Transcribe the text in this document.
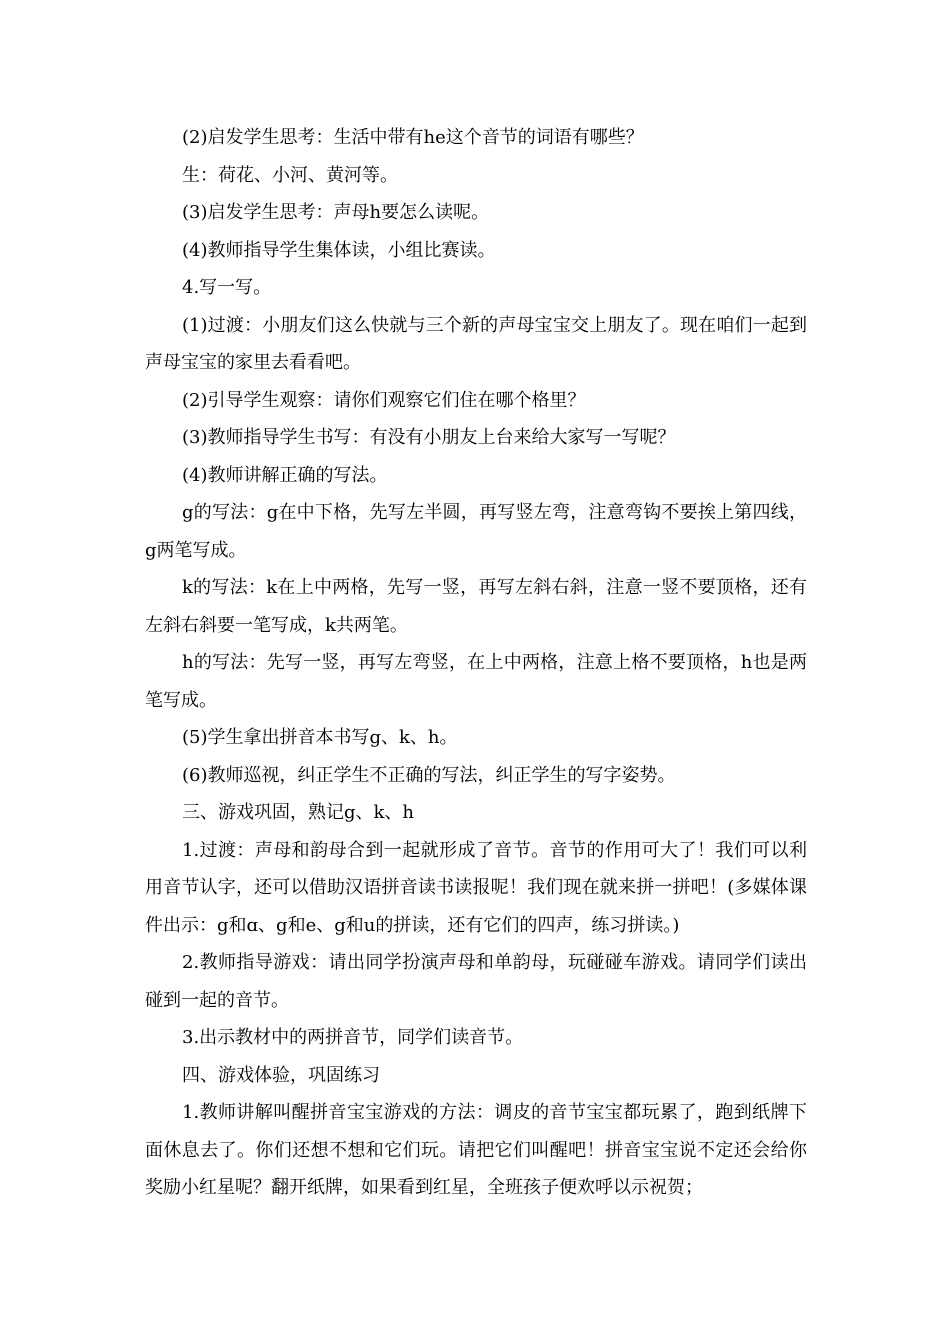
(2)启发学生思考：生活中带有he这个音节的词语有哪些？

生：荷花、小河、黄河等。

(3)启发学生思考：声母h要怎么读呢。

(4)教师指导学生集体读，小组比赛读。

4.写一写。

(1)过渡：小朋友们这么快就与三个新的声母宝宝交上朋友了。现在咱们一起到声母宝宝的家里去看看吧。

(2)引导学生观察：请你们观察它们住在哪个格里？

(3)教师指导学生书写：有没有小朋友上台来给大家写一写呢？

(4)教师讲解正确的写法。

g的写法：g在中下格，先写左半圆，再写竖左弯，注意弯钩不要挨上第四线，g两笔写成。

k的写法：k在上中两格，先写一竖，再写左斜右斜，注意一竖不要顶格，还有左斜右斜要一笔写成，k共两笔。

h的写法：先写一竖，再写左弯竖，在上中两格，注意上格不要顶格，h也是两笔写成。

(5)学生拿出拼音本书写g、k、h。

(6)教师巡视，纠正学生不正确的写法，纠正学生的写字姿势。

三、游戏巩固，熟记g、k、h

1.过渡：声母和韵母合到一起就形成了音节。音节的作用可大了！我们可以利用音节认字，还可以借助汉语拼音读书读报呢！我们现在就来拼一拼吧！(多媒体课件出示：g和ɑ、g和e、g和u的拼读，还有它们的四声，练习拼读。)

2.教师指导游戏：请出同学扮演声母和单韵母，玩碰碰车游戏。请同学们读出碰到一起的音节。

3.出示教材中的两拼音节，同学们读音节。

四、游戏体验，巩固练习

1.教师讲解叫醒拼音宝宝游戏的方法：调皮的音节宝宝都玩累了，跑到纸牌下面休息去了。你们还想不想和它们玩。请把它们叫醒吧！拼音宝宝说不定还会给你奖励小红星呢？翻开纸牌，如果看到红星，全班孩子便欢呼以示祝贺；
